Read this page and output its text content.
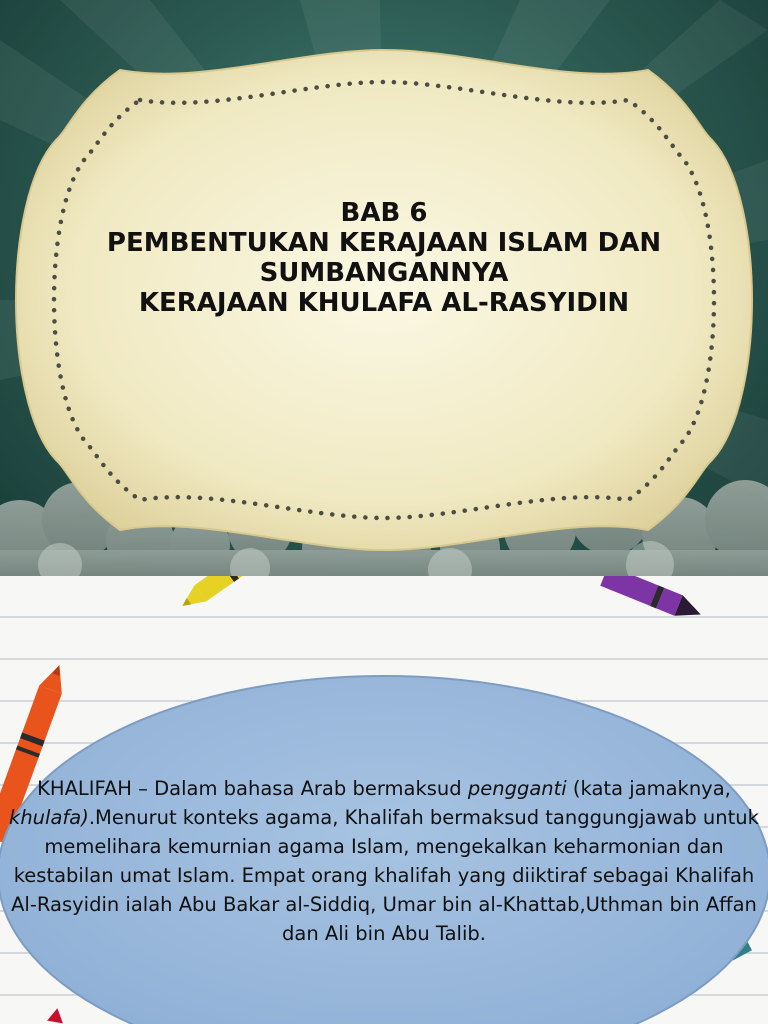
BAB 6
PEMBENTUKAN KERAJAAN ISLAM DAN
SUMBANGANNYA
KERAJAAN KHULAFA AL-RASYIDIN
KHALIFAH – Dalam bahasa Arab bermaksud pengganti (kata jamaknya, khulafa).Menurut konteks agama, Khalifah bermaksud tanggungjawab untuk memelihara kemurnian agama Islam, mengekalkan keharmonian dan kestabilan umat Islam. Empat orang khalifah yang diiktiraf sebagai Khalifah Al-Rasyidin ialah Abu Bakar al-Siddiq, Umar bin al-Khattab,Uthman bin Affan dan Ali bin Abu Talib.
